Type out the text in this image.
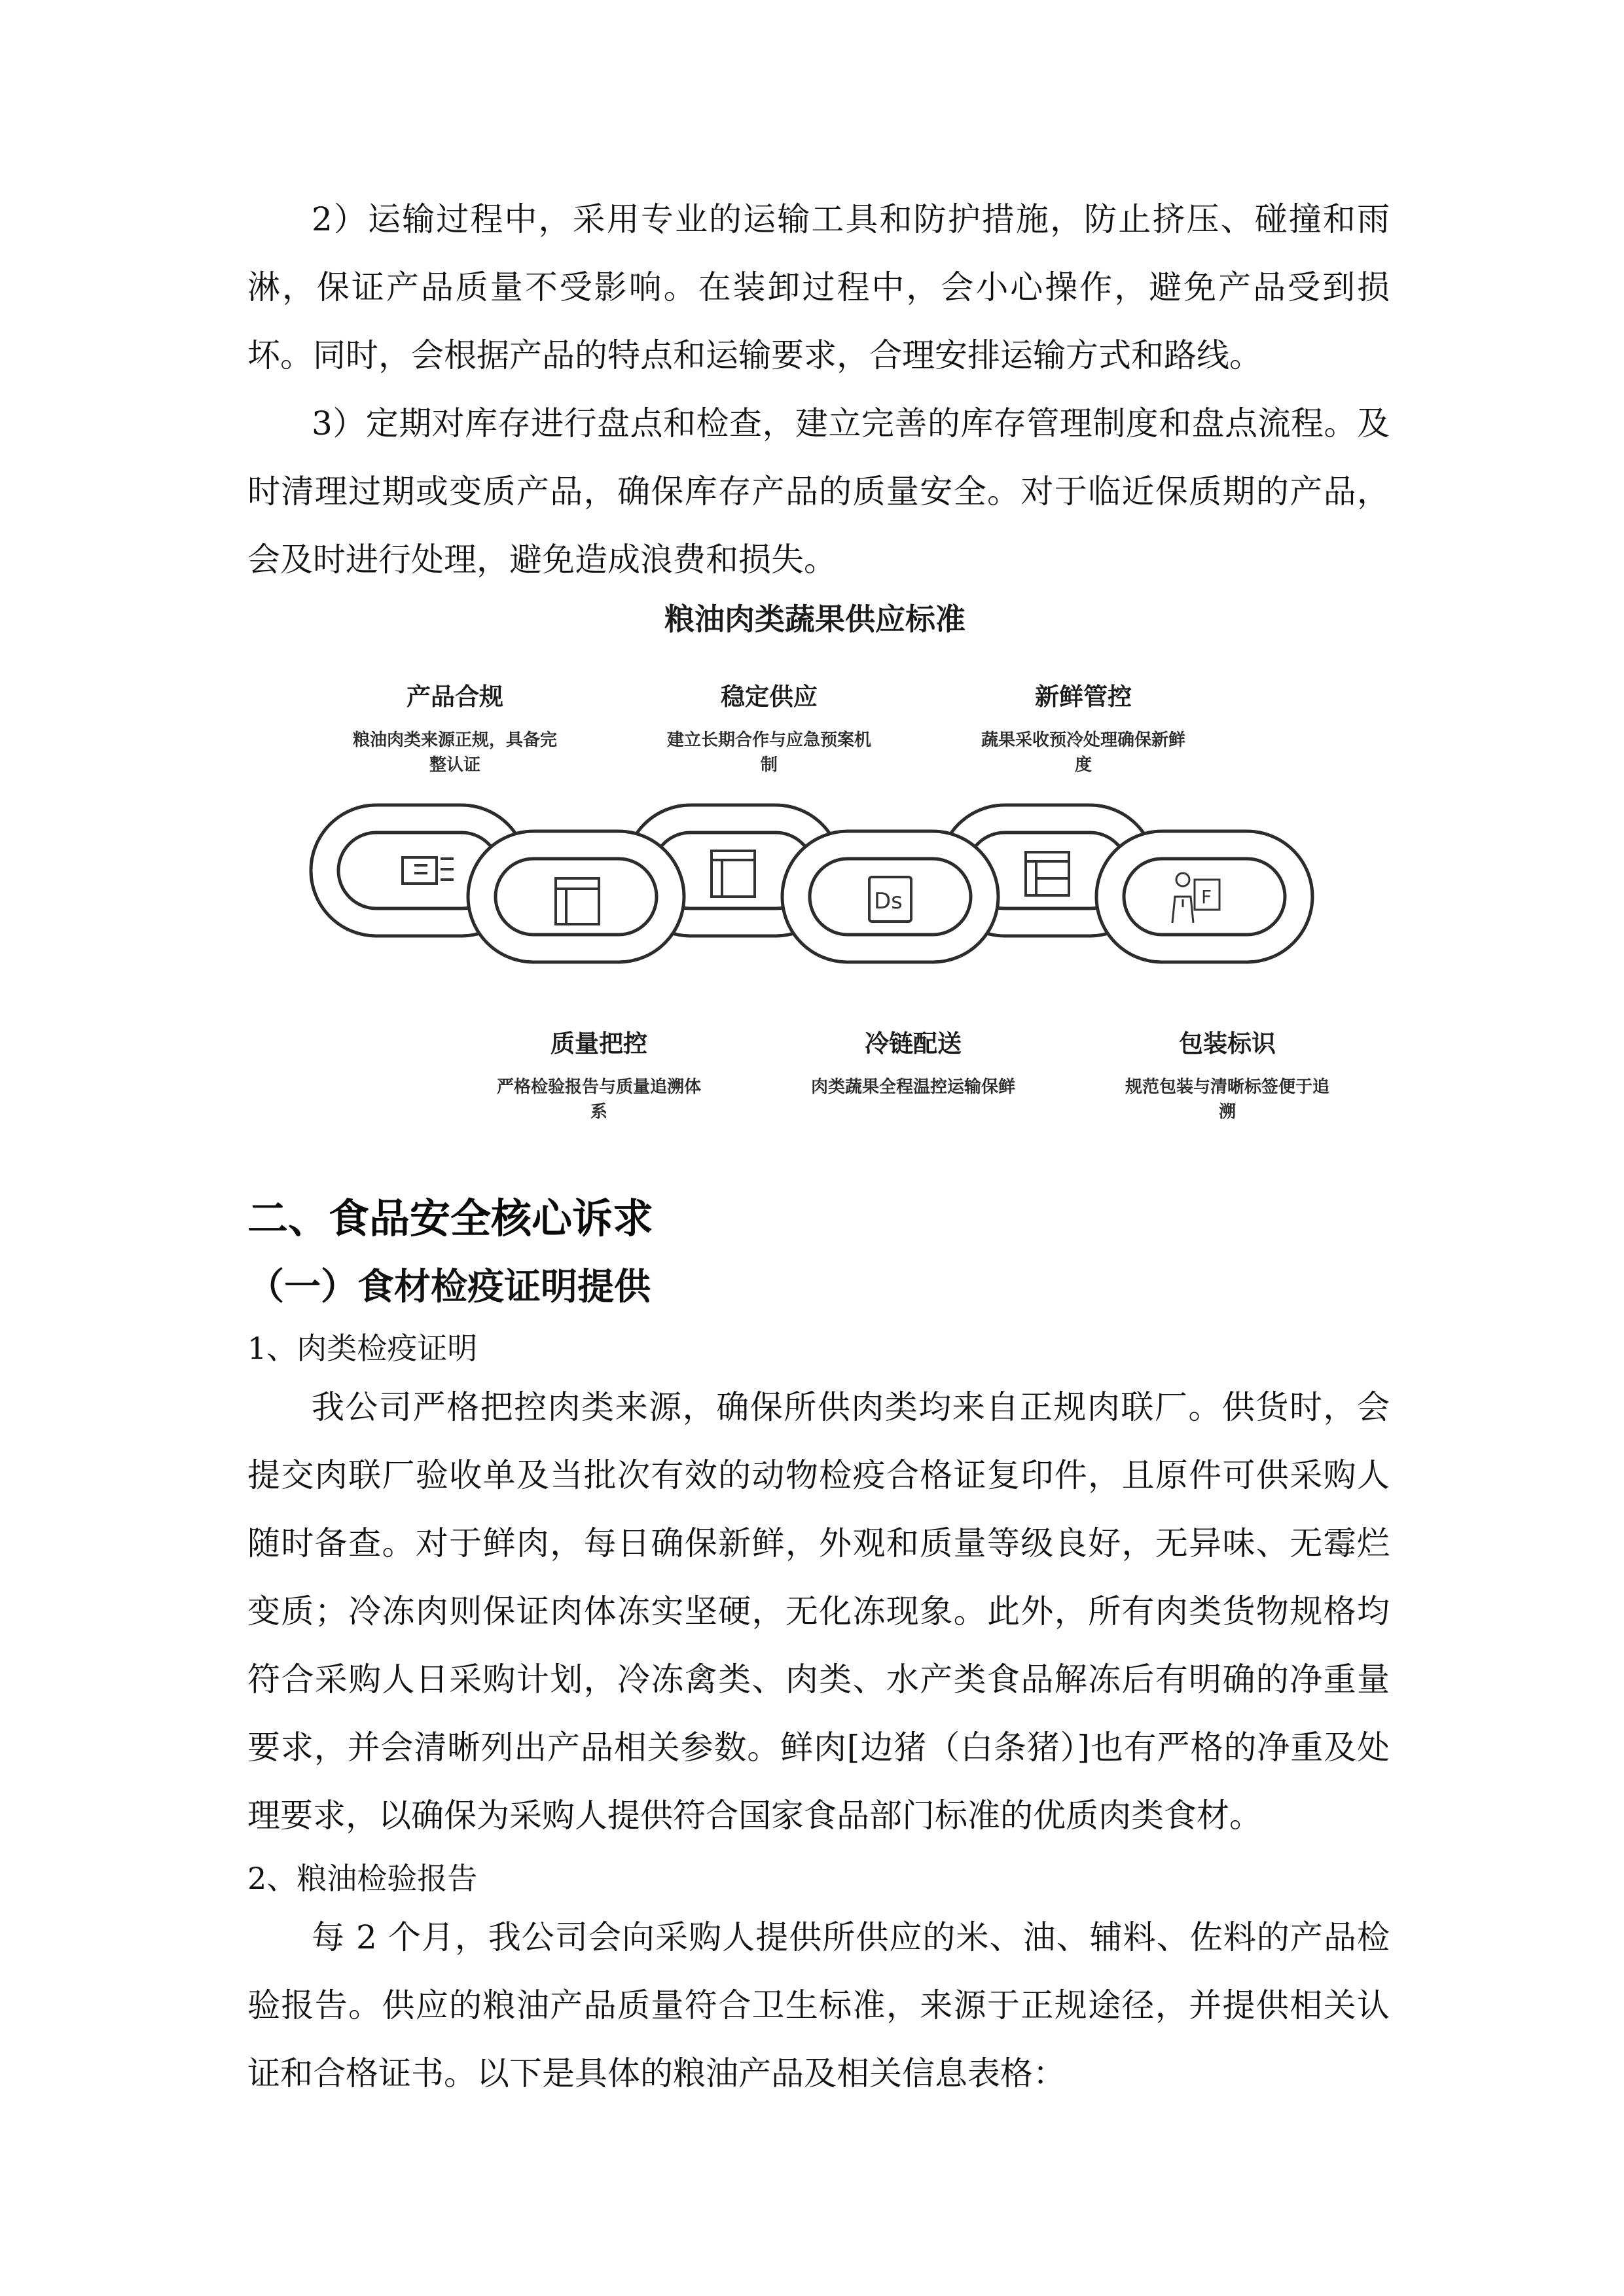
2）运输过程中，采用专业的运输工具和防护措施，防止挤压、碰撞和雨淋，保证产品质量不受影响。在装卸过程中，会小心操作，避免产品受到损坏。同时，会根据产品的特点和运输要求，合理安排运输方式和路线。

3）定期对库存进行盘点和检查，建立完善的库存管理制度和盘点流程。及时清理过期或变质产品，确保库存产品的质量安全。对于临近保质期的产品，会及时进行处理，避免造成浪费和损失。

粮油肉类蔬果供应标准
产品合规
粮油肉类来源正规，具备完整认证
稳定供应
建立长期合作与应急预案机制
新鲜管控
蔬果采收预冷处理确保新鲜度
Ds	F
质量把控
严格检验报告与质量追溯体系
冷链配送
肉类蔬果全程温控运输保鲜
包装标识
规范包装与清晰标签便于追溯
二、食品安全核心诉求
（一）食材检疫证明提供

1、肉类检疫证明

我公司严格把控肉类来源，确保所供肉类均来自正规肉联厂。供货时，会提交肉联厂验收单及当批次有效的动物检疫合格证复印件，且原件可供采购人随时备查。对于鲜肉，每日确保新鲜，外观和质量等级良好，无异味、无霉烂变质；冷冻肉则保证肉体冻实坚硬，无化冻现象。此外，所有肉类货物规格均符合采购人日采购计划，冷冻禽类、肉类、水产类食品解冻后有明确的净重量要求，并会清晰列出产品相关参数。鲜肉[边猪（白条猪）]也有严格的净重及处理要求，以确保为采购人提供符合国家食品部门标准的优质肉类食材。

2、粮油检验报告

每 2 个月，我公司会向采购人提供所供应的米、油、辅料、佐料的产品检验报告。供应的粮油产品质量符合卫生标准，来源于正规途径，并提供相关认证和合格证书。以下是具体的粮油产品及相关信息表格：
